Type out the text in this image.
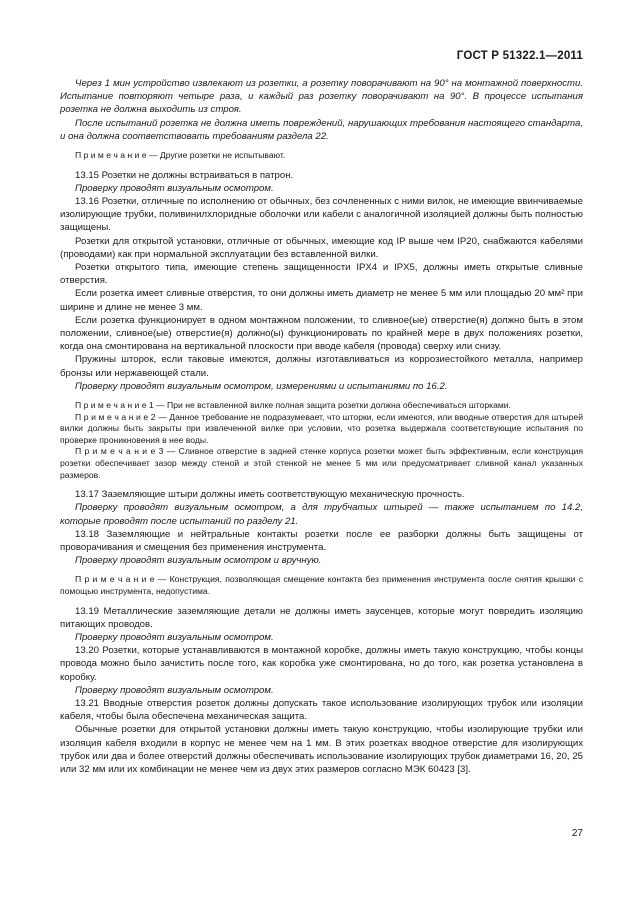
ГОСТ Р 51322.1—2011

Через 1 мин устройство извлекают из розетки, а розетку поворачивают на 90° на монтажной поверхности. Испытание повторяют четыре раза, и каждый раз розетку поворачивают на 90°. В процессе испытания розетка не должна выходить из строя.

После испытаний розетка не должна иметь повреждений, нарушающих требования настоящего стандарта, и она должна соответствовать требованиям раздела 22.

П р и м е ч а н и е — Другие розетки не испытывают.

13.15 Розетки не должны встраиваться в патрон.

Проверку проводят визуальным осмотром.

13.16 Розетки, отличные по исполнению от обычных, без сочлененных с ними вилок, не имеющие ввинчиваемые изолирующие трубки, поливинилхлоридные оболочки или кабели с аналогичной изоляцией должны быть полностью защищены.

Розетки для открытой установки, отличные от обычных, имеющие код IP выше чем IP20, снабжаются кабелями (проводами) как при нормальной эксплуатации без вставленной вилки.

Розетки открытого типа, имеющие степень защищенности IPX4 и IPX5, должны иметь открытые сливные отверстия.

Если розетка имеет сливные отверстия, то они должны иметь диаметр не менее 5 мм или площадью 20 мм² при ширине и длине не менее 3 мм.

Если розетка функционирует в одном монтажном положении, то сливное(ые) отверстие(я) должно быть в этом положении, сливное(ые) отверстие(я) должно(ы) функционировать по крайней мере в двух положениях розетки, когда она смонтирована на вертикальной плоскости при вводе кабеля (провода) сверху или снизу.

Пружины шторок, если таковые имеются, должны изготавливаться из коррозиестойкого металла, например бронзы или нержавеющей стали.

Проверку проводят визуальным осмотром, измерениями и испытаниями по 16.2.

П р и м е ч а н и е 1 — При не вставленной вилке полная защита розетки должна обеспечиваться шторками.

П р и м е ч а н и е 2 — Данное требование не подразумевает, что шторки, если имеются, или вводные отверстия для штырей вилки должны быть закрыты при извлеченной вилке при условии, что розетка выдержала соответствующие испытания по проверке проникновения в нее воды.

П р и м е ч а н и е 3 — Сливное отверстие в задней стенке корпуса розетки может быть эффективным, если конструкция розетки обеспечивает зазор между стеной и этой стенкой не менее 5 мм или предусматривает сливной канал указанных размеров.

13.17 Заземляющие штыри должны иметь соответствующую механическую прочность.

Проверку проводят визуальным осмотром, а для трубчатых штырей — также испытанием по 14.2, которые проводят после испытаний по разделу 21.

13.18 Заземляющие и нейтральные контакты розетки после ее разборки должны быть защищены от проворачивания и смещения без применения инструмента.

Проверку проводят визуальным осмотром и вручную.

П р и м е ч а н и е — Конструкция, позволяющая смещение контакта без применения инструмента после снятия крышки с помощью инструмента, недопустима.

13.19 Металлические заземляющие детали не должны иметь заусенцев, которые могут повредить изоляцию питающих проводов.

Проверку проводят визуальным осмотром.

13.20 Розетки, которые устанавливаются в монтажной коробке, должны иметь такую конструкцию, чтобы концы провода можно было зачистить после того, как коробка уже смонтирована, но до того, как розетка установлена в коробку.

Проверку проводят визуальным осмотром.

13.21 Вводные отверстия розеток должны допускать такое использование изолирующих трубок или изоляции кабеля, чтобы была обеспечена механическая защита.

Обычные розетки для открытой установки должны иметь такую конструкцию, чтобы изолирующие трубки или изоляция кабеля входили в корпус не менее чем на 1 мм. В этих розетках вводное отверстие для изолирующих трубок или два и более отверстий должны обеспечивать использование изолирующих трубок диаметрами 16, 20, 25 или 32 мм или их комбинации не менее чем из двух этих размеров согласно МЭК 60423 [3].

27
